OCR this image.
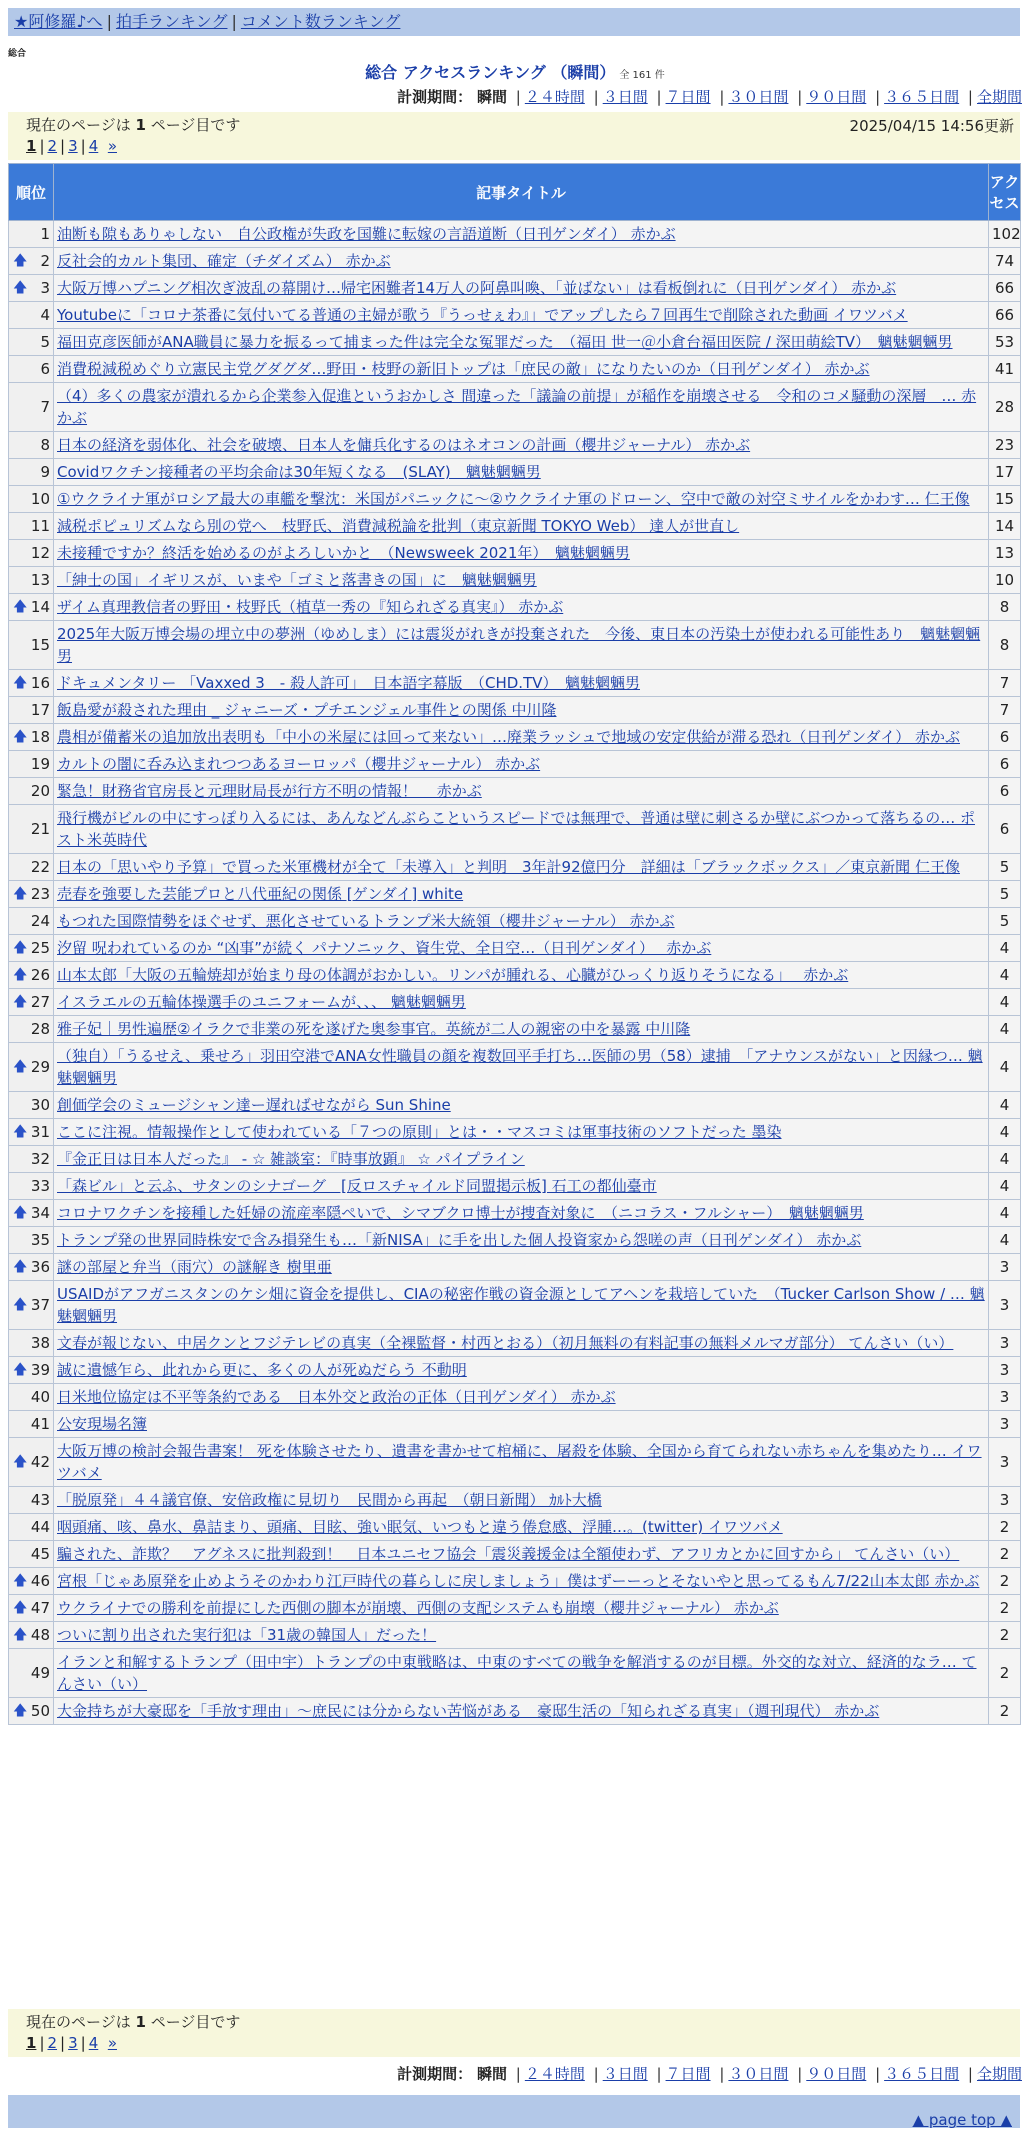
★阿修羅♪へ | 拍手ランキング | コメント数ランキング
総合
総合 アクセスランキング （瞬間） 全 161 件
計測期間： 瞬間 | ２４時間 | ３日間 | ７日間 | ３０日間 | ９０日間 | ３６５日間 | 全期間
現在のページは 1 ページ目です	2025/04/15 14:56更新
1 | 2 | 3 | 4 »
順位	記事タイトル	アクセス
1	油断も隙もありゃしない　自公政権が失政を国難に転嫁の言語道断（日刊ゲンダイ） 赤かぶ	102

🡅 2	反社会的カルト集団、確定（チダイズム） 赤かぶ	74

🡅 3	大阪万博ハプニング相次ぎ波乱の幕開け…帰宅困難者14万人の阿鼻叫喚、「並ばない」は看板倒れに（日刊ゲンダイ） 赤かぶ	66
4	Youtubeに「コロナ茶番に気付いてる普通の主婦が歌う『うっせぇわ』」でアップしたら７回再生で削除された動画 イワツバメ	66
5	福田克彦医師がANA職員に暴力を振るって捕まった件は完全な冤罪だった　（福田 世一＠小倉台福田医院 / 深田萌絵TV）　魑魅魍魎男	53
6	消費税減税めぐり立憲民主党グダグダ…野田・枝野の新旧トップは「庶民の敵」になりたいのか（日刊ゲンダイ） 赤かぶ	41
7	（4）多くの農家が潰れるから企業参入促進というおかしさ 間違った「議論の前提」が稲作を崩壊させる　令和のコメ騒動の深層　… 赤かぶ	28
8	日本の経済を弱体化、社会を破壊、日本人を傭兵化するのはネオコンの計画（櫻井ジャーナル） 赤かぶ	23
9	Covidワクチン接種者の平均余命は30年短くなる　(SLAY)　魑魅魍魎男	17
10	①ウクライナ軍がロシア最大の車艦を撃沈：米国がパニックに～②ウクライナ軍のドローン、空中で敵の対空ミサイルをかわす… 仁王像	15
11	減税ポピュリズムなら別の党へ　枝野氏、消費減税論を批判（東京新聞 TOKYO Web） 達人が世直し	14
12	未接種ですか？終活を始めるのがよろしいかと　（Newsweek 2021年）　魑魅魍魎男	13
13	「紳士の国」イギリスが、いまや「ゴミと落書きの国」に　魑魅魍魎男	10

🡅 14	ザイム真理教信者の野田・枝野氏（植草一秀の『知られざる真実』） 赤かぶ	8
15	2025年大阪万博会場の埋立中の夢洲（ゆめしま）には震災がれきが投棄された　今後、東日本の汚染土が使われる可能性あり　魑魅魍魎男	8

🡅 16	ドキュメンタリー 「Vaxxed 3　- 殺人許可」　日本語字幕版　（CHD.TV）　魑魅魍魎男	7
17	飯島愛が殺された理由 _ ジャニーズ・プチエンジェル事件との関係 中川隆	7

🡅 18	農相が備蓄米の追加放出表明も「中小の米屋には回って来ない」…廃業ラッシュで地域の安定供給が滞る恐れ（日刊ゲンダイ） 赤かぶ	6
19	カルトの闇に呑み込まれつつあるヨーロッパ（櫻井ジャーナル） 赤かぶ	6
20	緊急！財務省官房長と元理財局長が行方不明の情報！　 赤かぶ	6
21	飛行機がビルの中にすっぽり入るには、あんなどんぶらこというスピードでは無理で、普通は壁に刺さるか壁にぶつかって落ちるの… ポスト米英時代	6
22	日本の「思いやり予算」で買った米軍機材が全て「未導入」と判明　3年計92億円分　詳細は「ブラックボックス」／東京新聞 仁王像	5

🡅 23	売春を強要した芸能プロと八代亜紀の関係 [ゲンダイ] white	5
24	もつれた国際情勢をほぐせず、悪化させているトランプ米大統領（櫻井ジャーナル） 赤かぶ	5

🡅 25	汐留 呪われているのか “凶事”が続く パナソニック、資生党、全日空…（日刊ゲンダイ）　 赤かぶ	4

🡅 26	山本太郎「大阪の五輪焼却が始まり母の体調がおかしい。リンパが腫れる、心臓がひっくり返りそうになる」　 赤かぶ	4

🡅 27	イスラエルの五輪体操選手のユニフォームが、、、 魑魅魍魎男	4
28	雅子妃｜男性遍歴②イラクで非業の死を遂げた奥参事官。英統が二人の親密の中を暴露 中川隆	4

🡅 29	（独自）「うるせえ、乗せろ」羽田空港でANA女性職員の顔を複数回平手打ち…医師の男（58）逮捕　「アナウンスがない」と因縁つ… 魑魅魍魎男	4
30	創価学会のミュージシャン達ー遅ればせながら Sun Shine	4

🡅 31	ここに注視。情報操作として使われている「７つの原則」とは・・マスコミは軍事技術のソフトだった 墨染	4
32	『金正日は日本人だった』 - ☆ 雑談室：『時事放顕』 ☆ パイプライン	4
33	「森ビル」と云ふ、サタンのシナゴーグ　[反ロスチャイルド同盟掲示板] 石工の都仙臺市	4

🡅 34	コロナワクチンを接種した妊婦の流産率隠ぺいで、シマブクロ博士が捜査対象に　（ニコラス・フルシャー）　魑魅魍魎男	4
35	トランプ発の世界同時株安で含み損発生も…「新NISA」に手を出した個人投資家から怨嗟の声（日刊ゲンダイ） 赤かぶ	4

🡅 36	謎の部屋と弁当（雨穴）の謎解き 樹里亜	3

🡅 37	USAIDがアフガニスタンのケシ畑に資金を提供し、CIAの秘密作戦の資金源としてアヘンを栽培していた　（Tucker Carlson Show / … 魑魅魍魎男	3
38	文春が報じない、中居クンとフジテレビの真実（全裸監督・村西とおる）（初月無料の有料記事の無料メルマガ部分） てんさい（い）	3

🡅 39	誠に遺憾乍ら、此れから更に、多くの人が死ぬだらう 不動明	3
40	日米地位協定は不平等条約である　日本外交と政治の正体（日刊ゲンダイ） 赤かぶ	3
41	公安現場名簿	3

🡅 42	大阪万博の検討会報告書案！ 死を体験させたり、遺書を書かせて棺桶に、屠殺を体験、全国から育てられない赤ちゃんを集めたり… イワツバメ	3
43	「脱原発」４４議官僚、安倍政権に見切り　民間から再起　（朝日新聞） ｶﾙﾄ大橋	3
44	咽頭痛、咳、鼻水、鼻詰まり、頭痛、目眩、強い眠気、いつもと違う倦怠感、浮腫…。(twitter) イワツバメ	2
45	騙された、詐欺？　アグネスに批判殺到！　日本ユニセフ協会「震災義援金は全額使わず、アフリカとかに回すから」 てんさい（い）	2

🡅 46	宮根「じゃあ原発を止めようそのかわり江戸時代の暮らしに戻しましょう」僕はずーーっとそないやと思ってるもん7/22山本太郎 赤かぶ	2

🡅 47	ウクライナでの勝利を前提にした西側の脚本が崩壊、西側の支配システムも崩壊（櫻井ジャーナル） 赤かぶ	2

🡅 48	ついに割り出された実行犯は「31歳の韓国人」だった！	2
49	イランと和解するトランプ（田中宇）トランプの中東戦略は、中東のすべての戦争を解消するのが目標。外交的な対立、経済的なラ… てんさい（い）	2

🡅 50	大金持ちが大豪邸を「手放す理由」～庶民には分からない苦悩がある　豪邸生活の「知られざる真実」（週刊現代） 赤かぶ	2
現在のページは 1 ページ目です
1 | 2 | 3 | 4 »
計測期間： 瞬間 | ２４時間 | ３日間 | ７日間 | ３０日間 | ９０日間 | ３６５日間 | 全期間
▲ page top ▲
